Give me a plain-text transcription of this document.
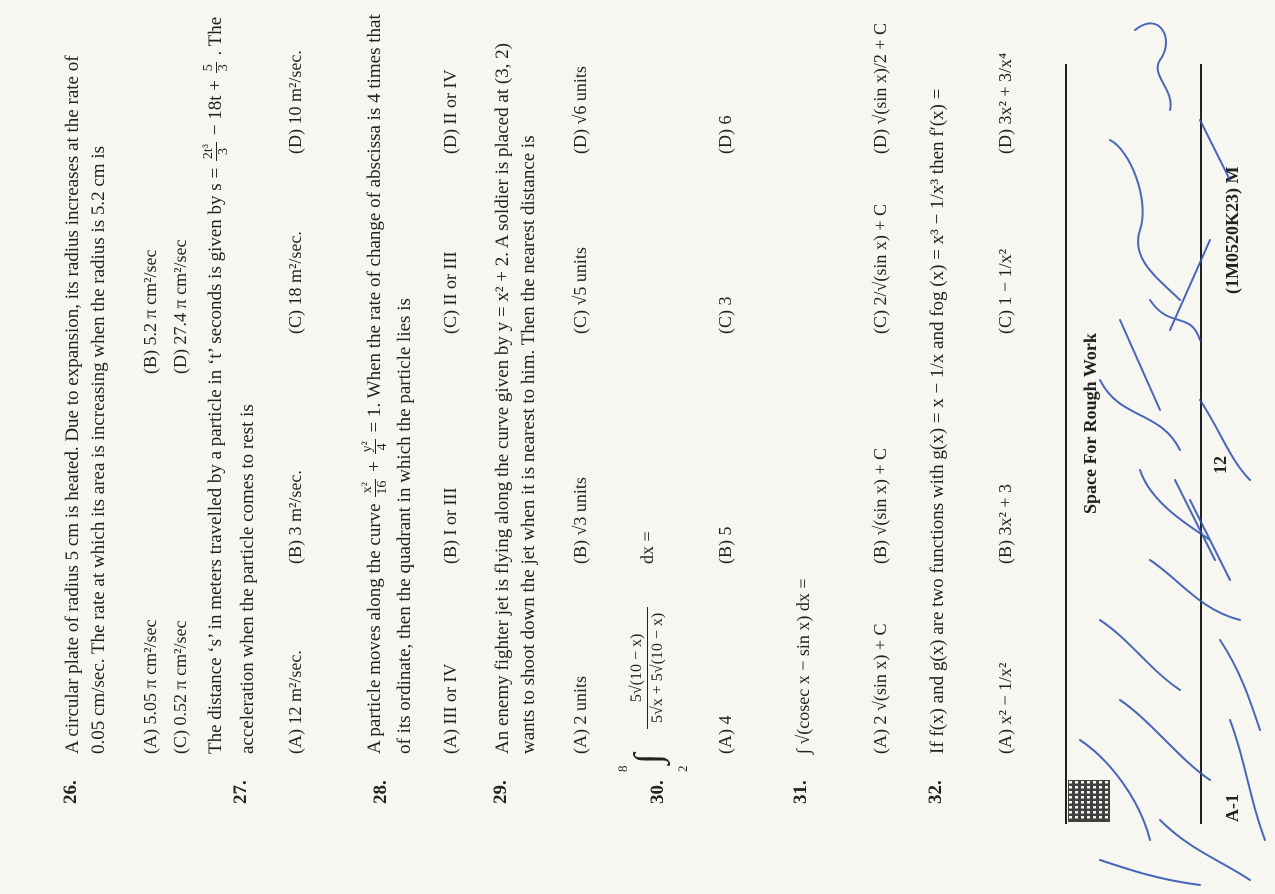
26.
A circular plate of radius 5 cm is heated. Due to expansion, its radius increases at the rate of 0.05 cm/sec. The rate at which its area is increasing when the radius is 5.2 cm is (A) 5.05 π cm²/sec
(B) 5.2 π cm²/sec
(C) 0.52 π cm²/sec
(D) 27.4 π cm²/sec
27.
The distance ‘s’ in meters travelled by a particle in ‘t’ seconds is given by s =
2t³ 3
− 18t +
5 3
. The acceleration when the particle comes to rest is	(A) 12 m²/sec.
(B) 3 m²/sec.
(C) 18 m²/sec.
(D) 10 m²/sec.
28.
A particle moves along the curve
x² 16
+
y² 4
= 1. When the rate of change of abscissa is 4 times that of its ordinate, then the quadrant in which the particle lies is (A) III or IV
(B) I or III
(C) II or III
(D) II or IV
29.
An enemy fighter jet is flying along the curve given by y = x² + 2. A soldier is placed at (3, 2) wants to shoot down the jet when it is nearest to him. Then the nearest distance is (A) 2 units
(B) √3 units
(C) √5 units
(D) √6 units
30.
8
∫
2
5√(10 − x) 5√x + 5√(10 − x)
dx =
(A) 4
(B) 5
(C) 3
(D) 6
31.
∫ √(cosec x − sin x) dx =	(A) 2 √(sin x) + C
(B) √(sin x) + C
(C) 2/√(sin x) + C
(D) √(sin x)/2 + C
32.
If f(x) and g(x) are two functions with g(x) = x − 1/x and fog (x) = x³ − 1/x³ then f′(x) =	(A) x² − 1/x²
(B) 3x² + 3
(C) 1 − 1/x²
(D) 3x² + 3/x⁴
Space For Rough Work
A-1
12
(1M0520K23) M
